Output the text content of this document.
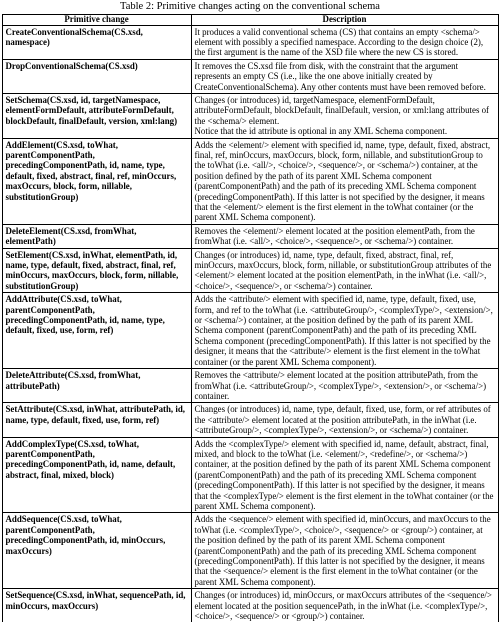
Table 2: Primitive changes acting on the conventional schema
Primitive change	Description
CreateConventionalSchema(CS.xsd, namespace)	It produces a valid conventional schema (CS) that contains an empty <schema/> element with possibly a specified namespace. According to the design choice (2), the first argument is the name of the XSD file where the new CS is stored.
DropConventionalSchema(CS.xsd)	It removes the CS.xsd file from disk, with the constraint that the argument represents an empty CS (i.e., like the one above initially created by CreateConventionalSchema). Any other contents must have been removed before.
SetSchema(CS.xsd, id, targetNamespace, elementFormDefault, attributeFormDefault, blockDefault, finalDefault, version, xml:lang)	Changes (or introduces) id, targetNamespace, elementFormDefault, attributeFormDefault, blockDefault, finalDefault, version, or xml:lang attributes of the <schema/> element.
Notice that the id attribute is optional in any XML Schema component.
AddElement(CS.xsd, toWhat, parentComponentPath, precedingComponentPath, id, name, type, default, fixed, abstract, final, ref, minOccurs, maxOccurs, block, form, nillable, substitutionGroup)	Adds the <element/> element with specified id, name, type, default, fixed, abstract, final, ref, minOccurs, maxOccurs, block, form, nillable, and substitutionGroup to the toWhat (i.e. <all/>, <choice/>, <sequence/>, or <schema/>) container, at the position defined by the path of its parent XML Schema component (parentComponentPath) and the path of its preceding XML Schema component (precedingComponentPath). If this latter is not specified by the designer, it means that the <element/> element is the first element in the toWhat container (or the parent XML Schema component).
DeleteElement(CS.xsd, fromWhat, elementPath)	Removes the <element/> element located at the position elementPath, from the fromWhat (i.e. <all/>, <choice/>, <sequence/>, or <schema/>) container.
SetElement(CS.xsd, inWhat, elementPath, id, name, type, default, fixed, abstract, final, ref, minOccurs, maxOccurs, block, form, nillable, substitutionGroup)	Changes (or introduces) id, name, type, default, fixed, abstract, final, ref, minOccurs, maxOccurs, block, form, nillable, or substitutionGroup attributes of the <element/> element located at the position elementPath, in the inWhat (i.e. <all/>, <choice/>, <sequence/>, or <schema/>) container.
AddAttribute(CS.xsd, toWhat, parentComponentPath, precedingComponentPath, id, name, type, default, fixed, use, form, ref)	Adds the <attribute/> element with specified id, name, type, default, fixed, use, form, and ref to the toWhat (i.e. <attributeGroup/>, <complexType/>, <extension/>, or <schema/>) container, at the position defined by the path of its parent XML Schema component (parentComponentPath) and the path of its preceding XML Schema component (precedingComponentPath). If this latter is not specified by the designer, it means that the <attribute/> element is the first element in the toWhat container (or the parent XML Schema component).
DeleteAttribute(CS.xsd, fromWhat, attributePath)	Removes the <attribute/> element located at the position attributePath, from the fromWhat (i.e. <attributeGroup/>, <complexType/>, <extension/>, or <schema/>) container.
SetAttribute(CS.xsd, inWhat, attributePath, id, name, type, default, fixed, use, form, ref)	Changes (or introduces) id, name, type, default, fixed, use, form, or ref attributes of the <attribute/> element located at the position attributePath, in the inWhat (i.e. <attributeGroup/>, <complexType/>, <extension/>, or <schema/>) container.
AddComplexType(CS.xsd, toWhat, parentComponentPath, precedingComponentPath, id, name, default, abstract, final, mixed, block)	Adds the <complexType/> element with specified id, name, default, abstract, final, mixed, and block to the toWhat (i.e. <element/>, <redefine/>, or <schema/>) container, at the position defined by the path of its parent XML Schema component (parentComponentPath) and the path of its preceding XML Schema component (precedingComponentPath). If this latter is not specified by the designer, it means that the <complexType/> element is the first element in the toWhat container (or the parent XML Schema component).
AddSequence(CS.xsd, toWhat, parentComponentPath, precedingComponentPath, id, minOccurs, maxOccurs)	Adds the <sequence/> element with specified id, minOccurs, and maxOccurs to the toWhat (i.e. <complexType/>, <choice/>, <sequence/> or <group/>) container, at the position defined by the path of its parent XML Schema component (parentComponentPath) and the path of its preceding XML Schema component (precedingComponentPath). If this latter is not specified by the designer, it means that the <sequence/> element is the first element in the toWhat container (or the parent XML Schema component).
SetSequence(CS.xsd, inWhat, sequencePath, id, minOccurs, maxOccurs)	Changes (or introduces) id, minOccurs, or maxOccurs attributes of the <sequence/> element located at the position sequencePath, in the inWhat (i.e. <complexType/>, <choice/>, <sequence/> or <group/>) container.
